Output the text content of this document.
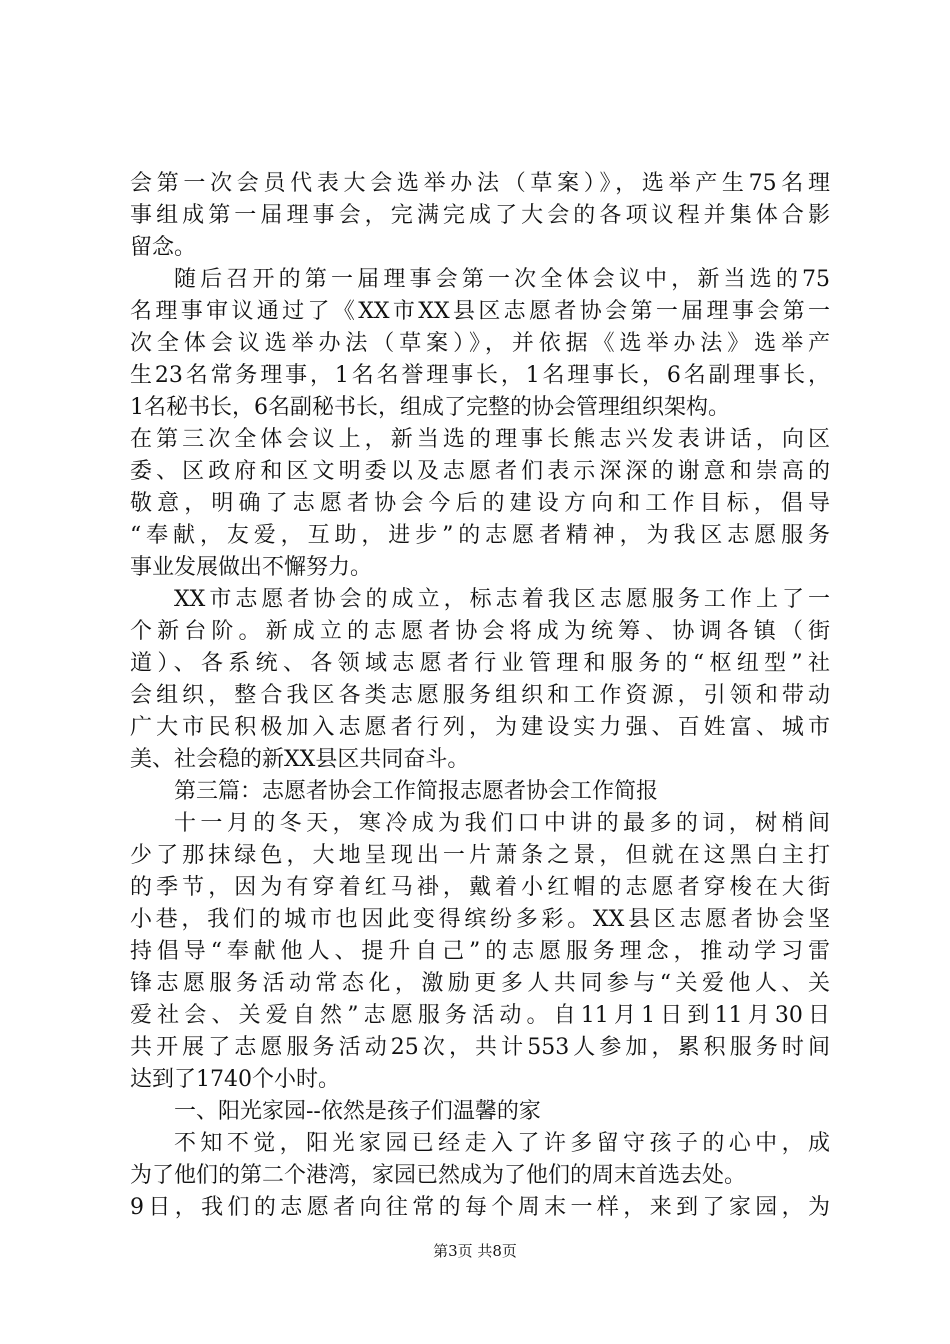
会第一次会员代表大会选举办法（草案）》，选举产生75名理
事组成第一届理事会，完满完成了大会的各项议程并集体合影
留念。
随后召开的第一届理事会第一次全体会议中，新当选的75
名理事审议通过了《XX市XX县区志愿者协会第一届理事会第一
次全体会议选举办法（草案）》，并依据《选举办法》选举产
生23名常务理事，1名名誉理事长，1名理事长，6名副理事长，
1名秘书长，6名副秘书长，组成了完整的协会管理组织架构。
在第三次全体会议上，新当选的理事长熊志兴发表讲话，向区
委、区政府和区文明委以及志愿者们表示深深的谢意和崇高的
敬意，明确了志愿者协会今后的建设方向和工作目标，倡导
“奉献，友爱，互助，进步”的志愿者精神，为我区志愿服务
事业发展做出不懈努力。
XX市志愿者协会的成立，标志着我区志愿服务工作上了一
个新台阶。新成立的志愿者协会将成为统筹、协调各镇（街
道）、各系统、各领域志愿者行业管理和服务的“枢纽型”社
会组织，整合我区各类志愿服务组织和工作资源，引领和带动
广大市民积极加入志愿者行列，为建设实力强、百姓富、城市
美、社会稳的新XX县区共同奋斗。
第三篇：志愿者协会工作简报志愿者协会工作简报
十一月的冬天，寒冷成为我们口中讲的最多的词，树梢间
少了那抹绿色，大地呈现出一片萧条之景，但就在这黑白主打
的季节，因为有穿着红马褂，戴着小红帽的志愿者穿梭在大街
小巷，我们的城市也因此变得缤纷多彩。XX县区志愿者协会坚
持倡导“奉献他人、提升自己”的志愿服务理念，推动学习雷
锋志愿服务活动常态化，激励更多人共同参与“关爱他人、关
爱社会、关爱自然”志愿服务活动。自11月1日到11月30日
共开展了志愿服务活动25次，共计553人参加，累积服务时间
达到了1740个小时。
一、阳光家园--依然是孩子们温馨的家
不知不觉，阳光家园已经走入了许多留守孩子的心中，成
为了他们的第二个港湾，家园已然成为了他们的周末首选去处。
9日，我们的志愿者向往常的每个周末一样，来到了家园，为
第3页 共8页
